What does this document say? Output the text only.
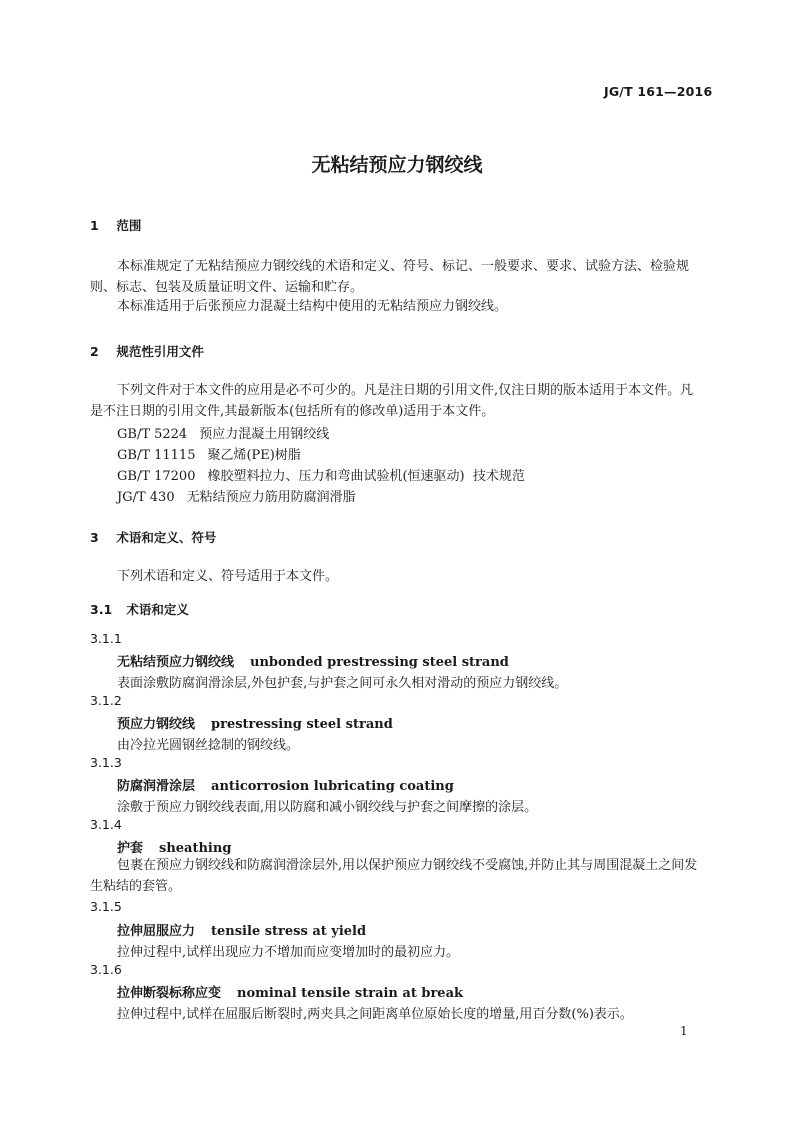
JG/T 161—2016
无粘结预应力钢绞线
1 范围
本标准规定了无粘结预应力钢绞线的术语和定义、符号、标记、一般要求、要求、试验方法、检验规则、标志、包装及质量证明文件、运输和贮存。
本标准适用于后张预应力混凝土结构中使用的无粘结预应力钢绞线。
2 规范性引用文件
下列文件对于本文件的应用是必不可少的。凡是注日期的引用文件,仅注日期的版本适用于本文件。凡是不注日期的引用文件,其最新版本(包括所有的修改单)适用于本文件。
GB/T 5224 预应力混凝土用钢绞线
GB/T 11115 聚乙烯(PE)树脂
GB/T 17200 橡胶塑料拉力、压力和弯曲试验机(恒速驱动)  技术规范
JG/T 430 无粘结预应力筋用防腐润滑脂
3 术语和定义、符号
下列术语和定义、符号适用于本文件。
3.1 术语和定义
3.1.1
无粘结预应力钢绞线 unbonded prestressing steel strand
表面涂敷防腐润滑涂层,外包护套,与护套之间可永久相对滑动的预应力钢绞线。
3.1.2
预应力钢绞线 prestressing steel strand
由冷拉光圆钢丝捻制的钢绞线。
3.1.3
防腐润滑涂层 anticorrosion lubricating coating
涂敷于预应力钢绞线表面,用以防腐和减小钢绞线与护套之间摩擦的涂层。
3.1.4
护套 sheathing
包裹在预应力钢绞线和防腐润滑涂层外,用以保护预应力钢绞线不受腐蚀,并防止其与周围混凝土之间发生粘结的套管。
3.1.5
拉伸屈服应力 tensile stress at yield
拉伸过程中,试样出现应力不增加而应变增加时的最初应力。
3.1.6
拉伸断裂标称应变 nominal tensile strain at break
拉伸过程中,试样在屈服后断裂时,两夹具之间距离单位原始长度的增量,用百分数(%)表示。
1
